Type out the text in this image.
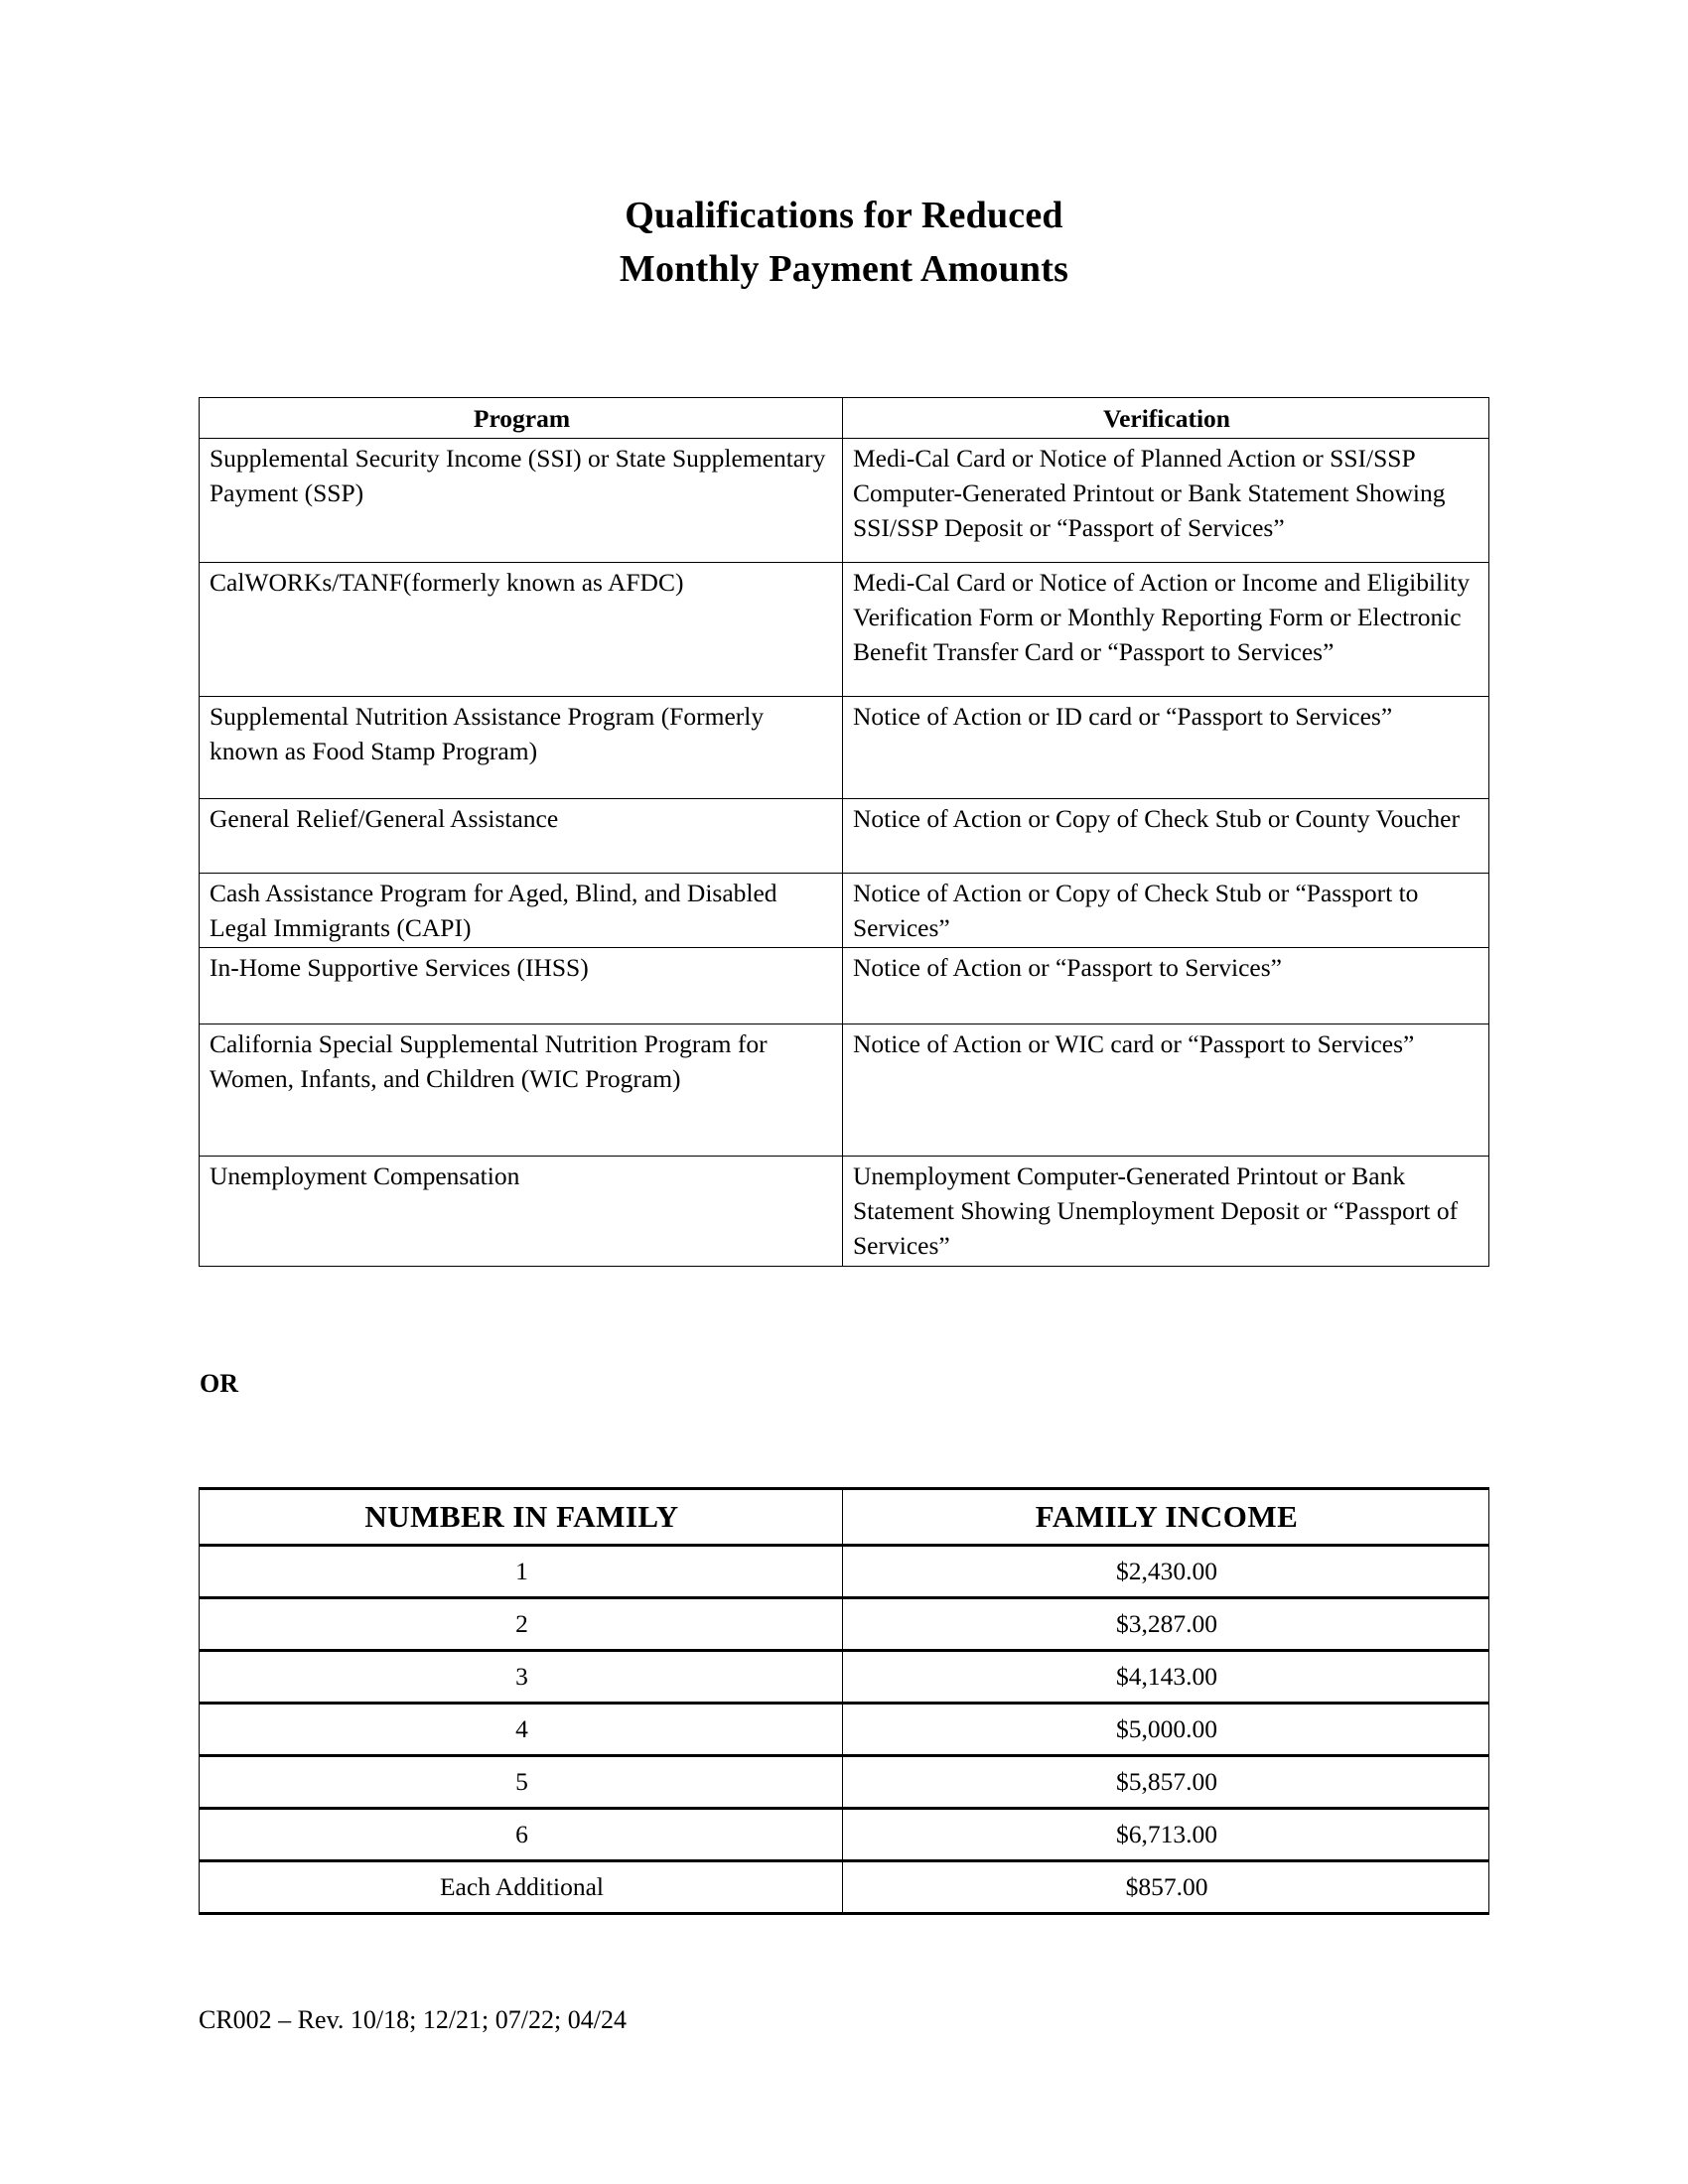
Qualifications for Reduced
Monthly Payment Amounts
Program	Verification
Supplemental Security Income (SSI) or State Supplementary Payment (SSP)	Medi-Cal Card or Notice of Planned Action or SSI/SSP Computer-Generated Printout or Bank Statement Showing SSI/SSP Deposit or “Passport of Services”
CalWORKs/TANF(formerly known as AFDC)	Medi-Cal Card or Notice of Action or Income and Eligibility Verification Form or Monthly Reporting Form or Electronic Benefit Transfer Card or “Passport to Services”
Supplemental Nutrition Assistance Program (Formerly known as Food Stamp Program)	Notice of Action or ID card or “Passport to Services”
General Relief/General Assistance	Notice of Action or Copy of Check Stub or County Voucher
Cash Assistance Program for Aged, Blind, and Disabled Legal Immigrants (CAPI)	Notice of Action or Copy of Check Stub or “Passport to Services”
In-Home Supportive Services (IHSS)	Notice of Action or “Passport to Services”
California Special Supplemental Nutrition Program for Women, Infants, and Children (WIC Program)	Notice of Action or WIC card or “Passport to Services”
Unemployment Compensation	Unemployment Computer-Generated Printout or Bank Statement Showing Unemployment Deposit or “Passport of Services”
OR
NUMBER IN FAMILY	FAMILY INCOME
1	$2,430.00
2	$3,287.00
3	$4,143.00
4	$5,000.00
5	$5,857.00
6	$6,713.00
Each Additional	$857.00
CR002 – Rev. 10/18; 12/21; 07/22; 04/24
